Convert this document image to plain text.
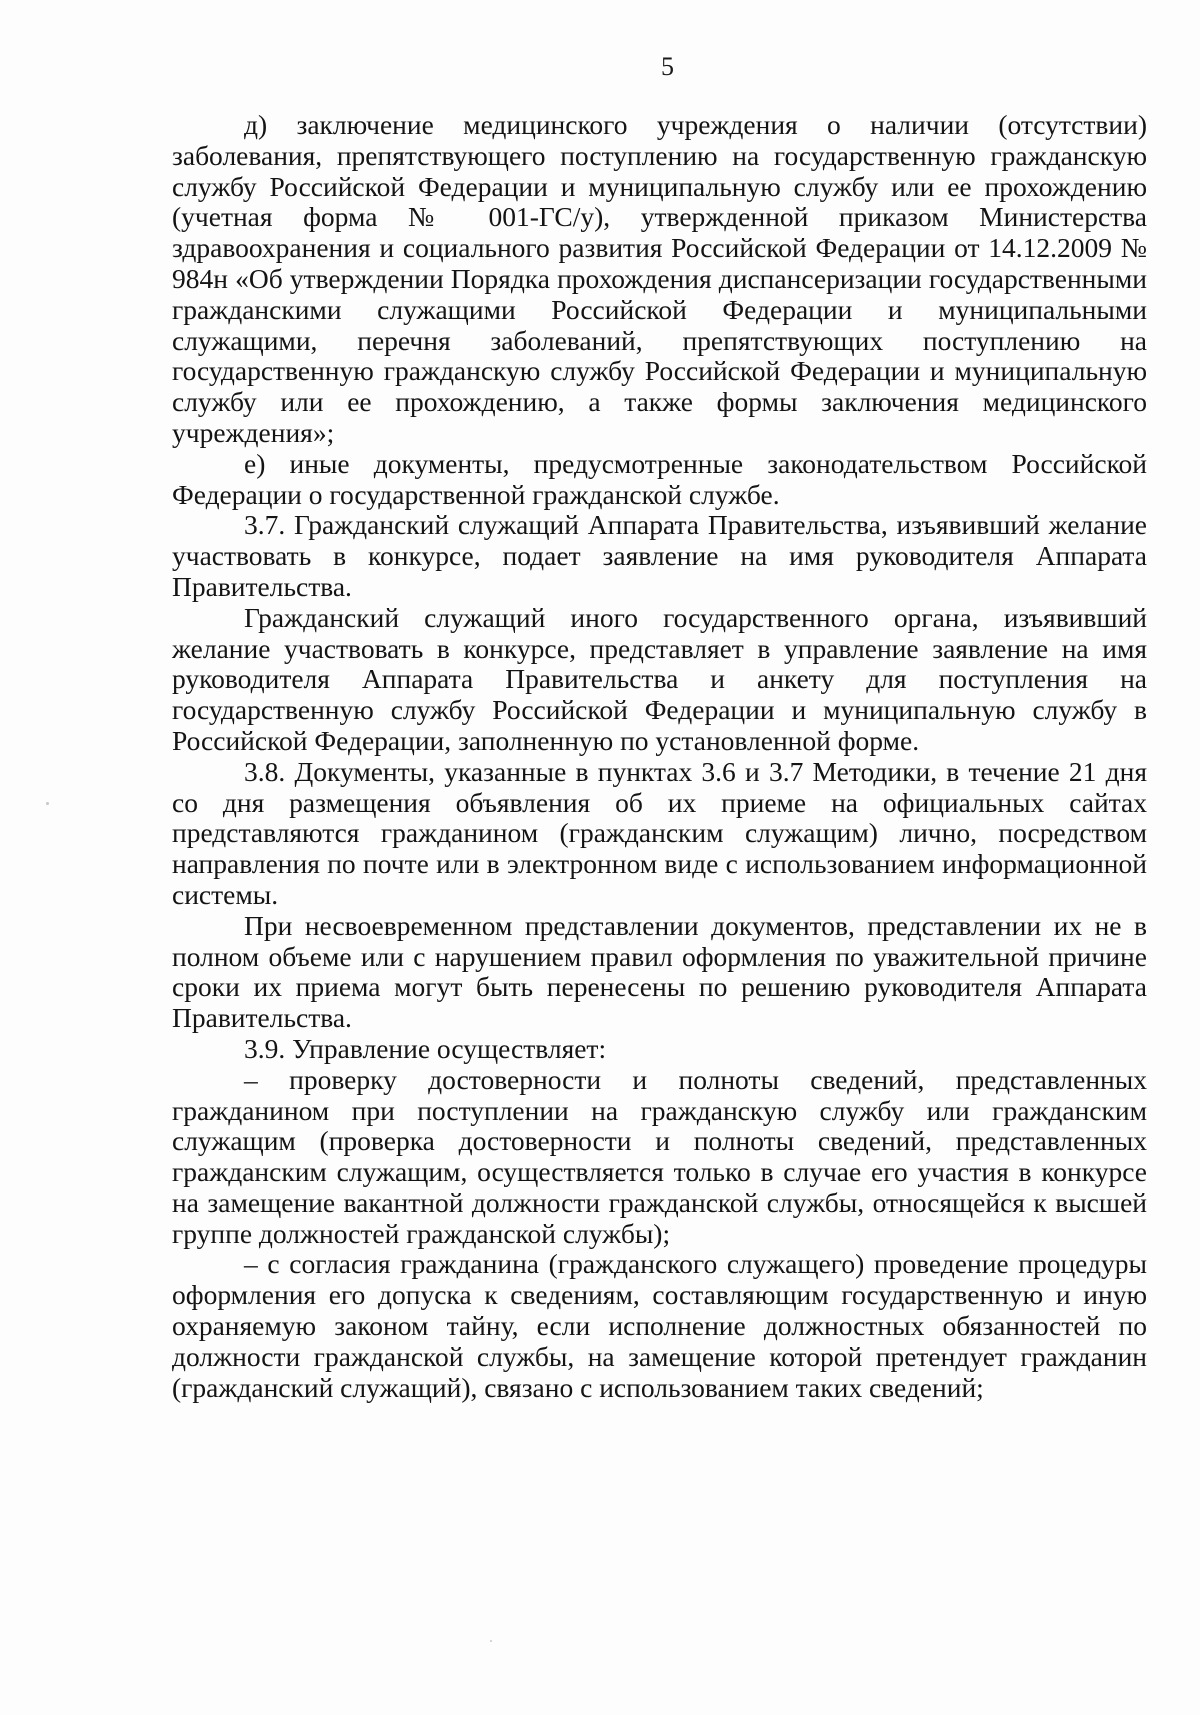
5

д) заключение медицинского учреждения о наличии (отсутствии) заболевания, препятствующего поступлению на государственную гражданскую службу Российской Федерации и муниципальную службу или ее прохождению (учетная форма № 001-ГС/у), утвержденной приказом Министерства здравоохранения и социального развития Российской Федерации от 14.12.2009 № 984н «Об утверждении Порядка прохождения диспансеризации государственными гражданскими служащими Российской Федерации и муниципальными служащими, перечня заболеваний, препятствующих поступлению на государственную гражданскую службу Российской Федерации и муниципальную службу или ее прохождению, а также формы заключения медицинского учреждения»;

е) иные документы, предусмотренные законодательством Российской Федерации о государственной гражданской службе.

3.7. Гражданский служащий Аппарата Правительства, изъявивший желание участвовать в конкурсе, подает заявление на имя руководителя Аппарата Правительства.

Гражданский служащий иного государственного органа, изъявивший желание участвовать в конкурсе, представляет в управление заявление на имя руководителя Аппарата Правительства и анкету для поступления на государственную службу Российской Федерации и муниципальную службу в Российской Федерации, заполненную по установленной форме.

3.8. Документы, указанные в пунктах 3.6 и 3.7 Методики, в течение 21 дня со дня размещения объявления об их приеме на официальных сайтах представляются гражданином (гражданским служащим) лично, посредством направления по почте или в электронном виде с использованием информационной системы.

При несвоевременном представлении документов, представлении их не в полном объеме или с нарушением правил оформления по уважительной причине сроки их приема могут быть перенесены по решению руководителя Аппарата Правительства.

3.9. Управление осуществляет:

– проверку достоверности и полноты сведений, представленных гражданином при поступлении на гражданскую службу или гражданским служащим (проверка достоверности и полноты сведений, представленных гражданским служащим, осуществляется только в случае его участия в конкурсе на замещение вакантной должности гражданской службы, относящейся к высшей группе должностей гражданской службы);

– с согласия гражданина (гражданского служащего) проведение процедуры оформления его допуска к сведениям, составляющим государственную и иную охраняемую законом тайну, если исполнение должностных обязанностей по должности гражданской службы, на замещение которой претендует гражданин (гражданский служащий), связано с использованием таких сведений;
